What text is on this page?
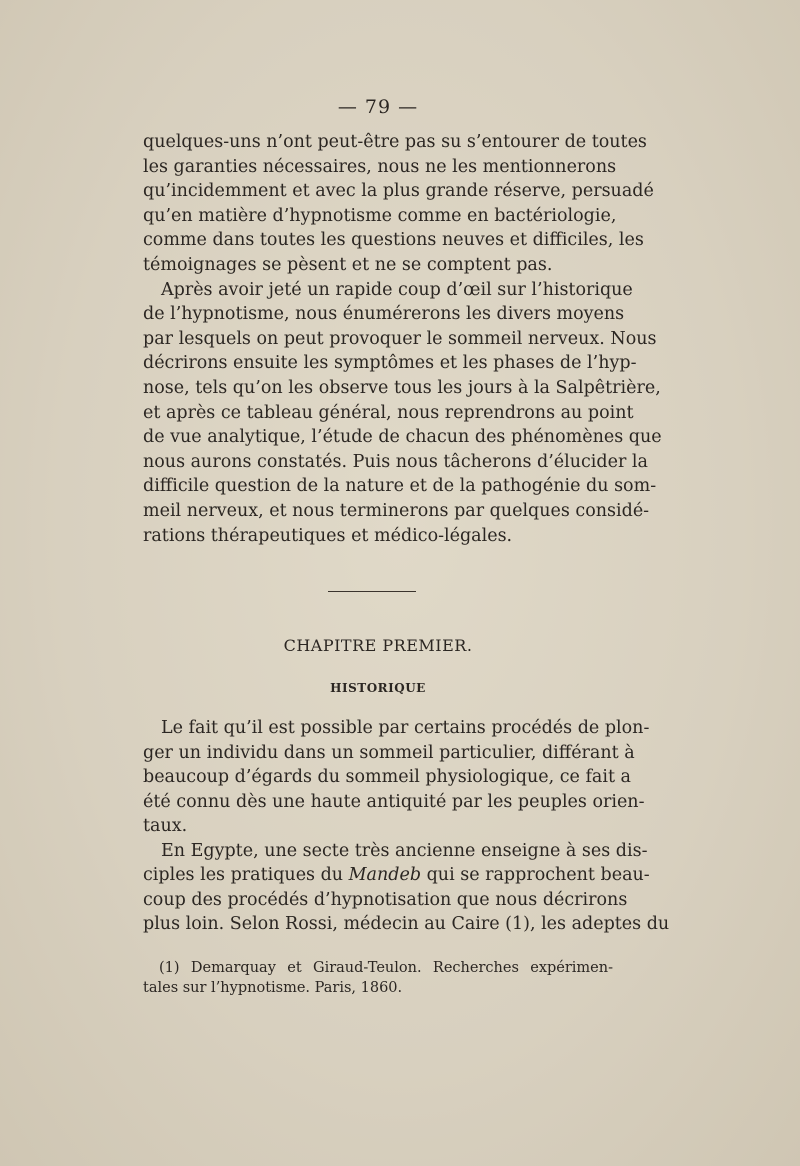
— 79 —
quelques-uns n’ont peut-être pas su s’entourer de toutes
les garanties nécessaires, nous ne les mentionnerons
qu’incidemment et avec la plus grande réserve, persuadé
qu’en matière d’hypnotisme comme en bactériologie,
comme dans toutes les questions neuves et difficiles, les
témoignages se pèsent et ne se comptent pas.
Après avoir jeté un rapide coup d’œil sur l’historique
de l’hypnotisme, nous énumérerons les divers moyens
par lesquels on peut provoquer le sommeil nerveux. Nous
décrirons ensuite les symptômes et les phases de l’hyp-
nose, tels qu’on les observe tous les jours à la Salpêtrière,
et après ce tableau général, nous reprendrons au point
de vue analytique, l’étude de chacun des phénomènes que
nous aurons constatés. Puis nous tâcherons d’élucider la
difficile question de la nature et de la pathogénie du som-
meil nerveux, et nous terminerons par quelques considé-
rations thérapeutiques et médico-légales.
CHAPITRE PREMIER.
HISTORIQUE
Le fait qu’il est possible par certains procédés de plon-
ger un individu dans un sommeil particulier, différant à
beaucoup d’égards du sommeil physiologique, ce fait a
été connu dès une haute antiquité par les peuples orien-
taux.
En Egypte, une secte très ancienne enseigne à ses dis-
ciples les pratiques du Mandeb qui se rapprochent beau-
coup des procédés d’hypnotisation que nous décrirons
plus loin. Selon Rossi, médecin au Caire (1), les adeptes du
(1) Demarquay et Giraud-Teulon. Recherches expérimen-
tales sur l’hypnotisme. Paris, 1860.
